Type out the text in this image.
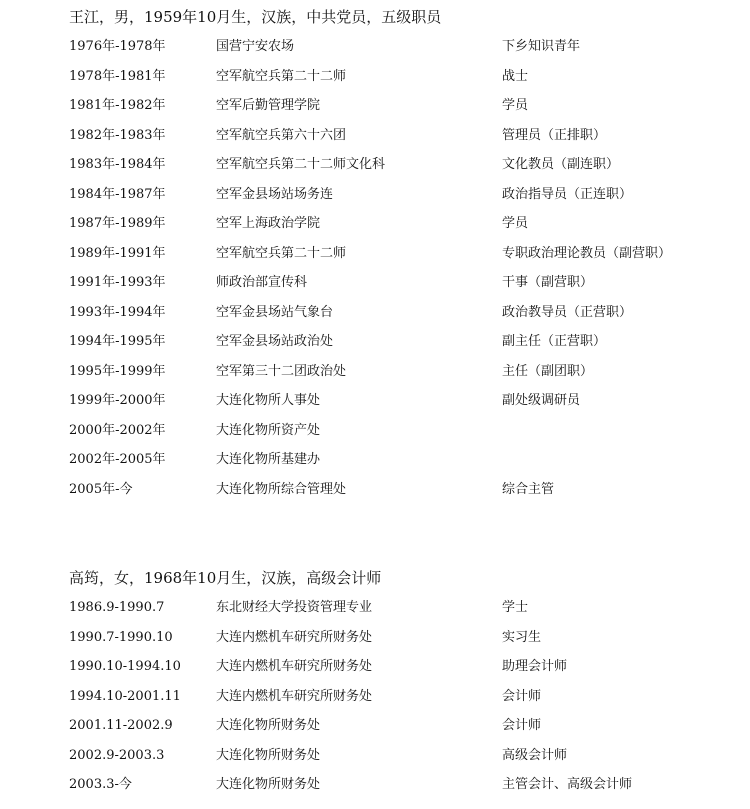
王江，男，1959年10月生，汉族，中共党员，五级职员
1976年-1978年	国营宁安农场	下乡知识青年
1978年-1981年	空军航空兵第二十二师	战士
1981年-1982年	空军后勤管理学院	学员
1982年-1983年	空军航空兵第六十六团	管理员（正排职）
1983年-1984年	空军航空兵第二十二师文化科	文化教员（副连职）
1984年-1987年	空军金县场站场务连	政治指导员（正连职）
1987年-1989年	空军上海政治学院	学员
1989年-1991年	空军航空兵第二十二师	专职政治理论教员（副营职）
1991年-1993年	师政治部宣传科	干事（副营职）
1993年-1994年	空军金县场站气象台	政治教导员（正营职）
1994年-1995年	空军金县场站政治处	副主任（正营职）
1995年-1999年	空军第三十二团政治处	主任（副团职）
1999年-2000年	大连化物所人事处	副处级调研员
2000年-2002年	大连化物所资产处
2002年-2005年	大连化物所基建办
2005年-今	大连化物所综合管理处	综合主管
高筠，女，1968年10月生，汉族，高级会计师
1986.9-1990.7	东北财经大学投资管理专业	学士
1990.7-1990.10	大连内燃机车研究所财务处	实习生
1990.10-1994.10	大连内燃机车研究所财务处	助理会计师
1994.10-2001.11	大连内燃机车研究所财务处	会计师
2001.11-2002.9	大连化物所财务处	会计师
2002.9-2003.3	大连化物所财务处	高级会计师
2003.3-今	大连化物所财务处	主管会计、高级会计师
